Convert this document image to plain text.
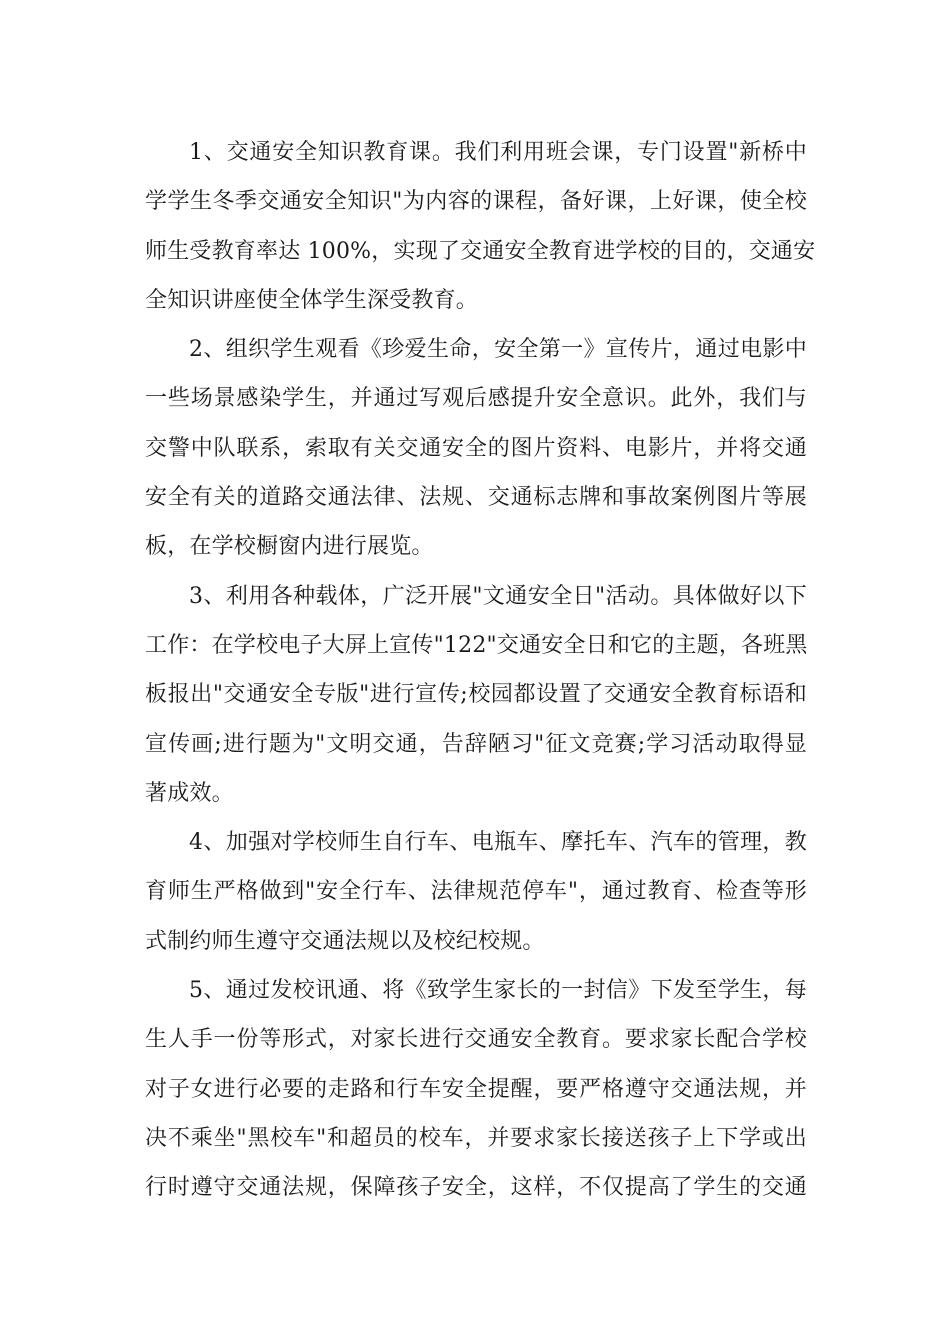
1、交通安全知识教育课。我们利用班会课，专门设置"新桥中
学学生冬季交通安全知识"为内容的课程，备好课，上好课，使全校
师生受教育率达 100%，实现了交通安全教育进学校的目的，交通安
全知识讲座使全体学生深受教育。
2、组织学生观看《珍爱生命，安全第一》宣传片，通过电影中
一些场景感染学生，并通过写观后感提升安全意识。此外，我们与
交警中队联系，索取有关交通安全的图片资料、电影片，并将交通
安全有关的道路交通法律、法规、交通标志牌和事故案例图片等展
板，在学校橱窗内进行展览。
3、利用各种载体，广泛开展"文通安全日"活动。具体做好以下
工作：在学校电子大屏上宣传"122"交通安全日和它的主题，各班黑
板报出"交通安全专版"进行宣传;校园都设置了交通安全教育标语和
宣传画;进行题为"文明交通，告辞陋习"征文竞赛;学习活动取得显
著成效。
4、加强对学校师生自行车、电瓶车、摩托车、汽车的管理，教
育师生严格做到"安全行车、法律规范停车"，通过教育、检查等形
式制约师生遵守交通法规以及校纪校规。
5、通过发校讯通、将《致学生家长的一封信》下发至学生，每
生人手一份等形式，对家长进行交通安全教育。要求家长配合学校
对子女进行必要的走路和行车安全提醒，要严格遵守交通法规，并
决不乘坐"黑校车"和超员的校车，并要求家长接送孩子上下学或出
行时遵守交通法规，保障孩子安全，这样，不仅提高了学生的交通
